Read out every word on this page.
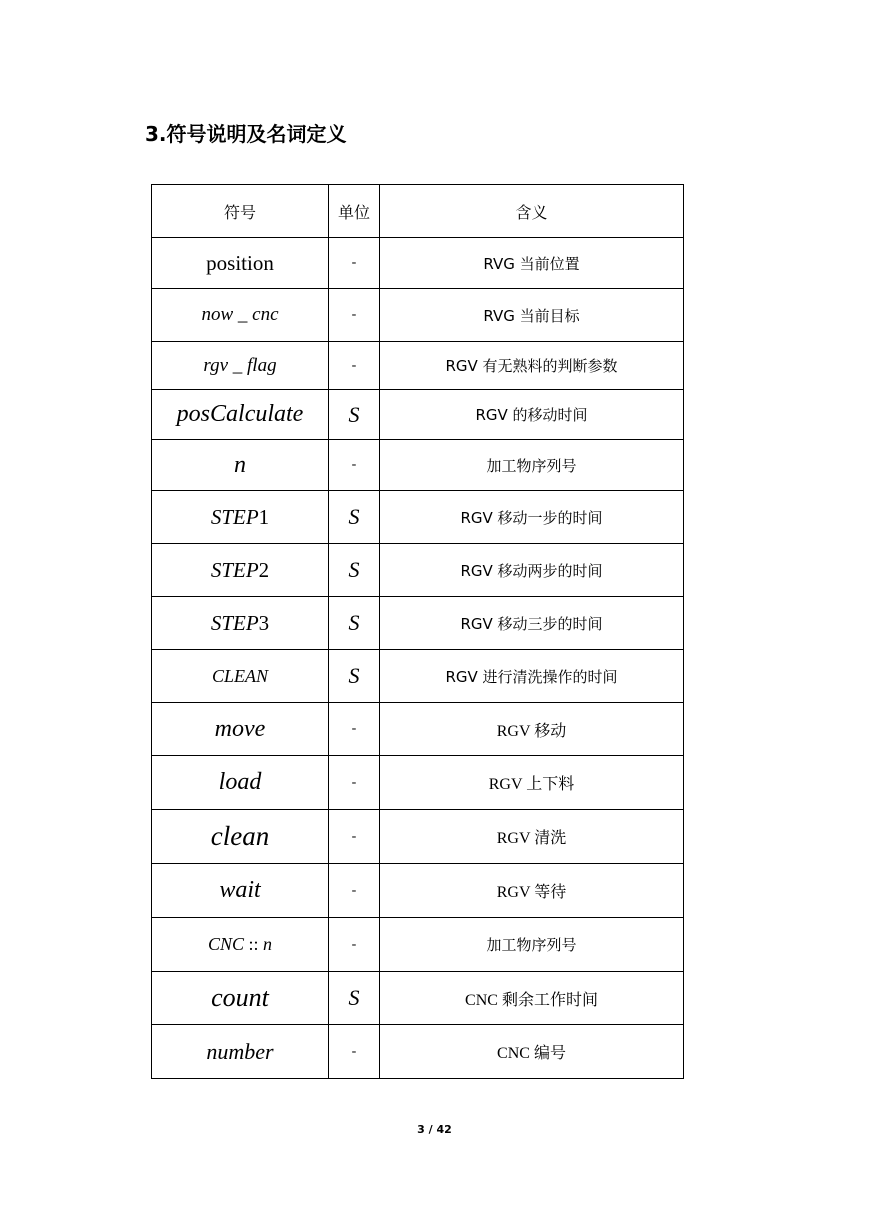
3.符号说明及名词定义
符号	单位	含义
position	-	RVG 当前位置
now _ cnc	-	RVG 当前目标
rgv _ flag	-	RGV 有无熟料的判断参数
posCalculate	S	RGV 的移动时间
n	-	加工物序列号
STEP1	S	RGV 移动一步的时间
STEP2	S	RGV 移动两步的时间
STEP3	S	RGV 移动三步的时间
CLEAN	S	RGV 进行清洗操作的时间
move	-	RGV 移动
load	-	RGV 上下料
clean	-	RGV 清洗
wait	-	RGV 等待
CNC :: n	-	加工物序列号
count	S	CNC 剩余工作时间
number	-	CNC 编号
3 / 42
